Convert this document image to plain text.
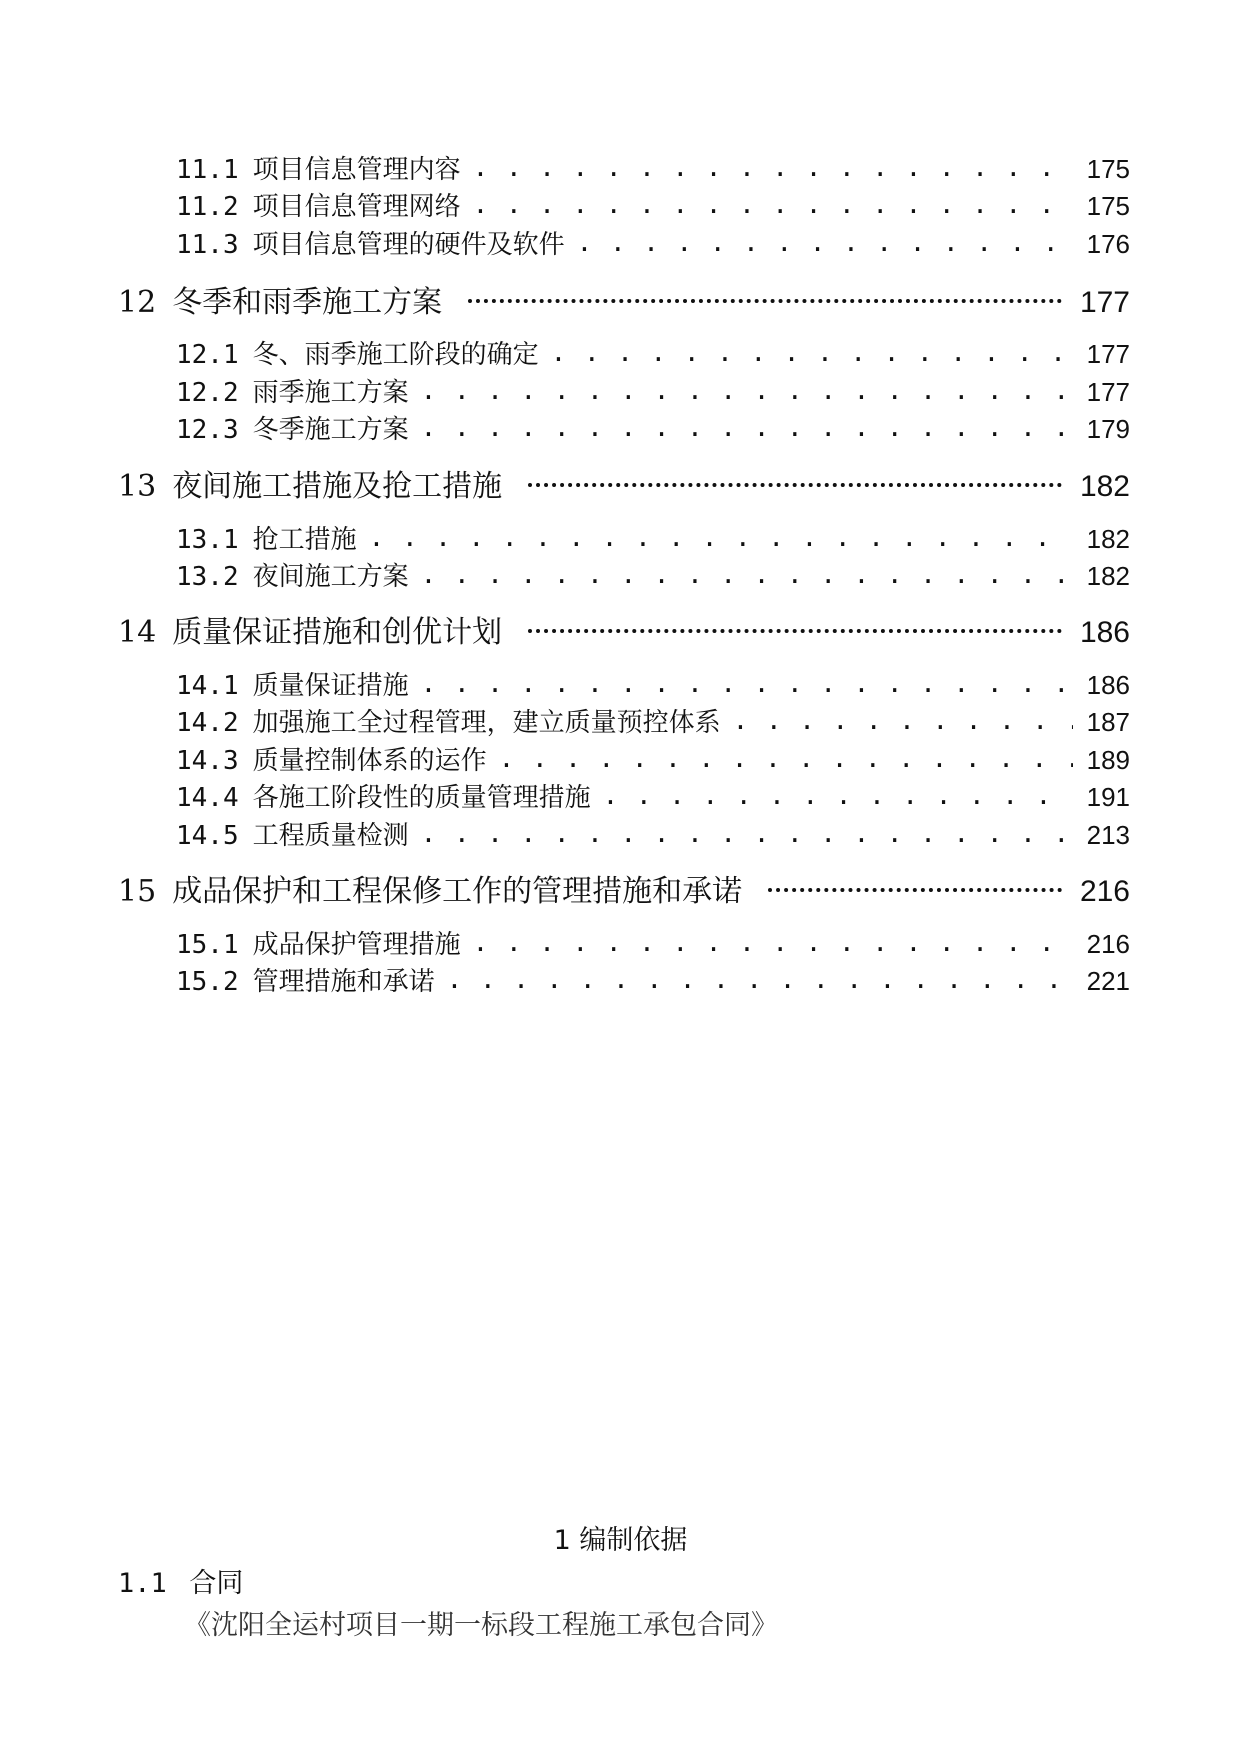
11.1 项目信息管理内容 . . .	175
11.2 项目信息管理网络 . . .	175
11.3 项目信息管理的硬件及软件 . . .	176
12 冬季和雨季施工方案	177
12.1 冬、雨季施工阶段的确定 . . .	177
12.2 雨季施工方案 . . .	177
12.3 冬季施工方案 . . .	179
13 夜间施工措施及抢工措施	182
13.1 抢工措施 . . .	182
13.2 夜间施工方案 . . .	182
14 质量保证措施和创优计划	186
14.1 质量保证措施 . . .	186
14.2 加强施工全过程管理，建立质量预控体系 . . .	187
14.3 质量控制体系的运作 . . .	189
14.4 各施工阶段性的质量管理措施 . . .	191
14.5 工程质量检测 . . .	213
15 成品保护和工程保修工作的管理措施和承诺	216
15.1 成品保护管理措施 . . .	216
15.2 管理措施和承诺 . . .	221
1 编制依据
1.1 合同
《沈阳全运村项目一期一标段工程施工承包合同》
